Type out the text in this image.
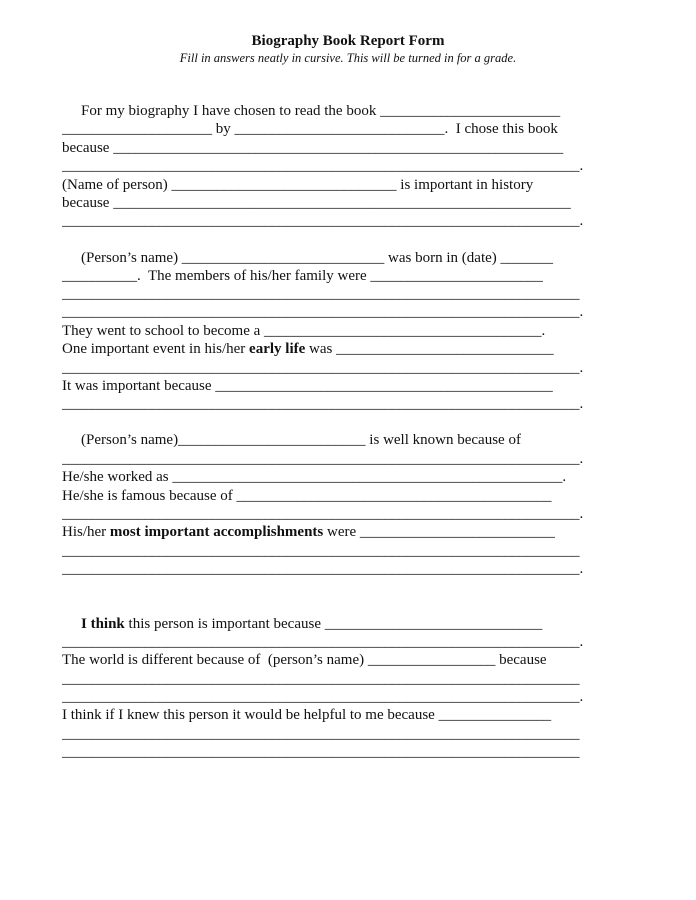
Biography Book Report Form
Fill in answers neatly in cursive. This will be turned in for a grade.
For my biography I have chosen to read the book ________________________
____________________ by ____________________________.  I chose this book
because ____________________________________________________________
_____________________________________________________________________.
(Name of person) ______________________________ is important in history
because _____________________________________________________________
_____________________________________________________________________.
(Person’s name) ___________________________ was born in (date) _______
__________.  The members of his/her family were _______________________
_____________________________________________________________________
_____________________________________________________________________.
They went to school to become a _____________________________________.
One important event in his/her early life was _____________________________
_____________________________________________________________________.
It was important because _____________________________________________
_____________________________________________________________________.
(Person’s name)_________________________ is well known because of
_____________________________________________________________________.
He/she worked as ____________________________________________________.
He/she is famous because of __________________________________________
_____________________________________________________________________.
His/her most important accomplishments were __________________________
_____________________________________________________________________
_____________________________________________________________________.
I think this person is important because _____________________________
_____________________________________________________________________.
The world is different because of  (person’s name) _________________ because
_____________________________________________________________________
_____________________________________________________________________.
I think if I knew this person it would be helpful to me because _______________
_____________________________________________________________________
_____________________________________________________________________
